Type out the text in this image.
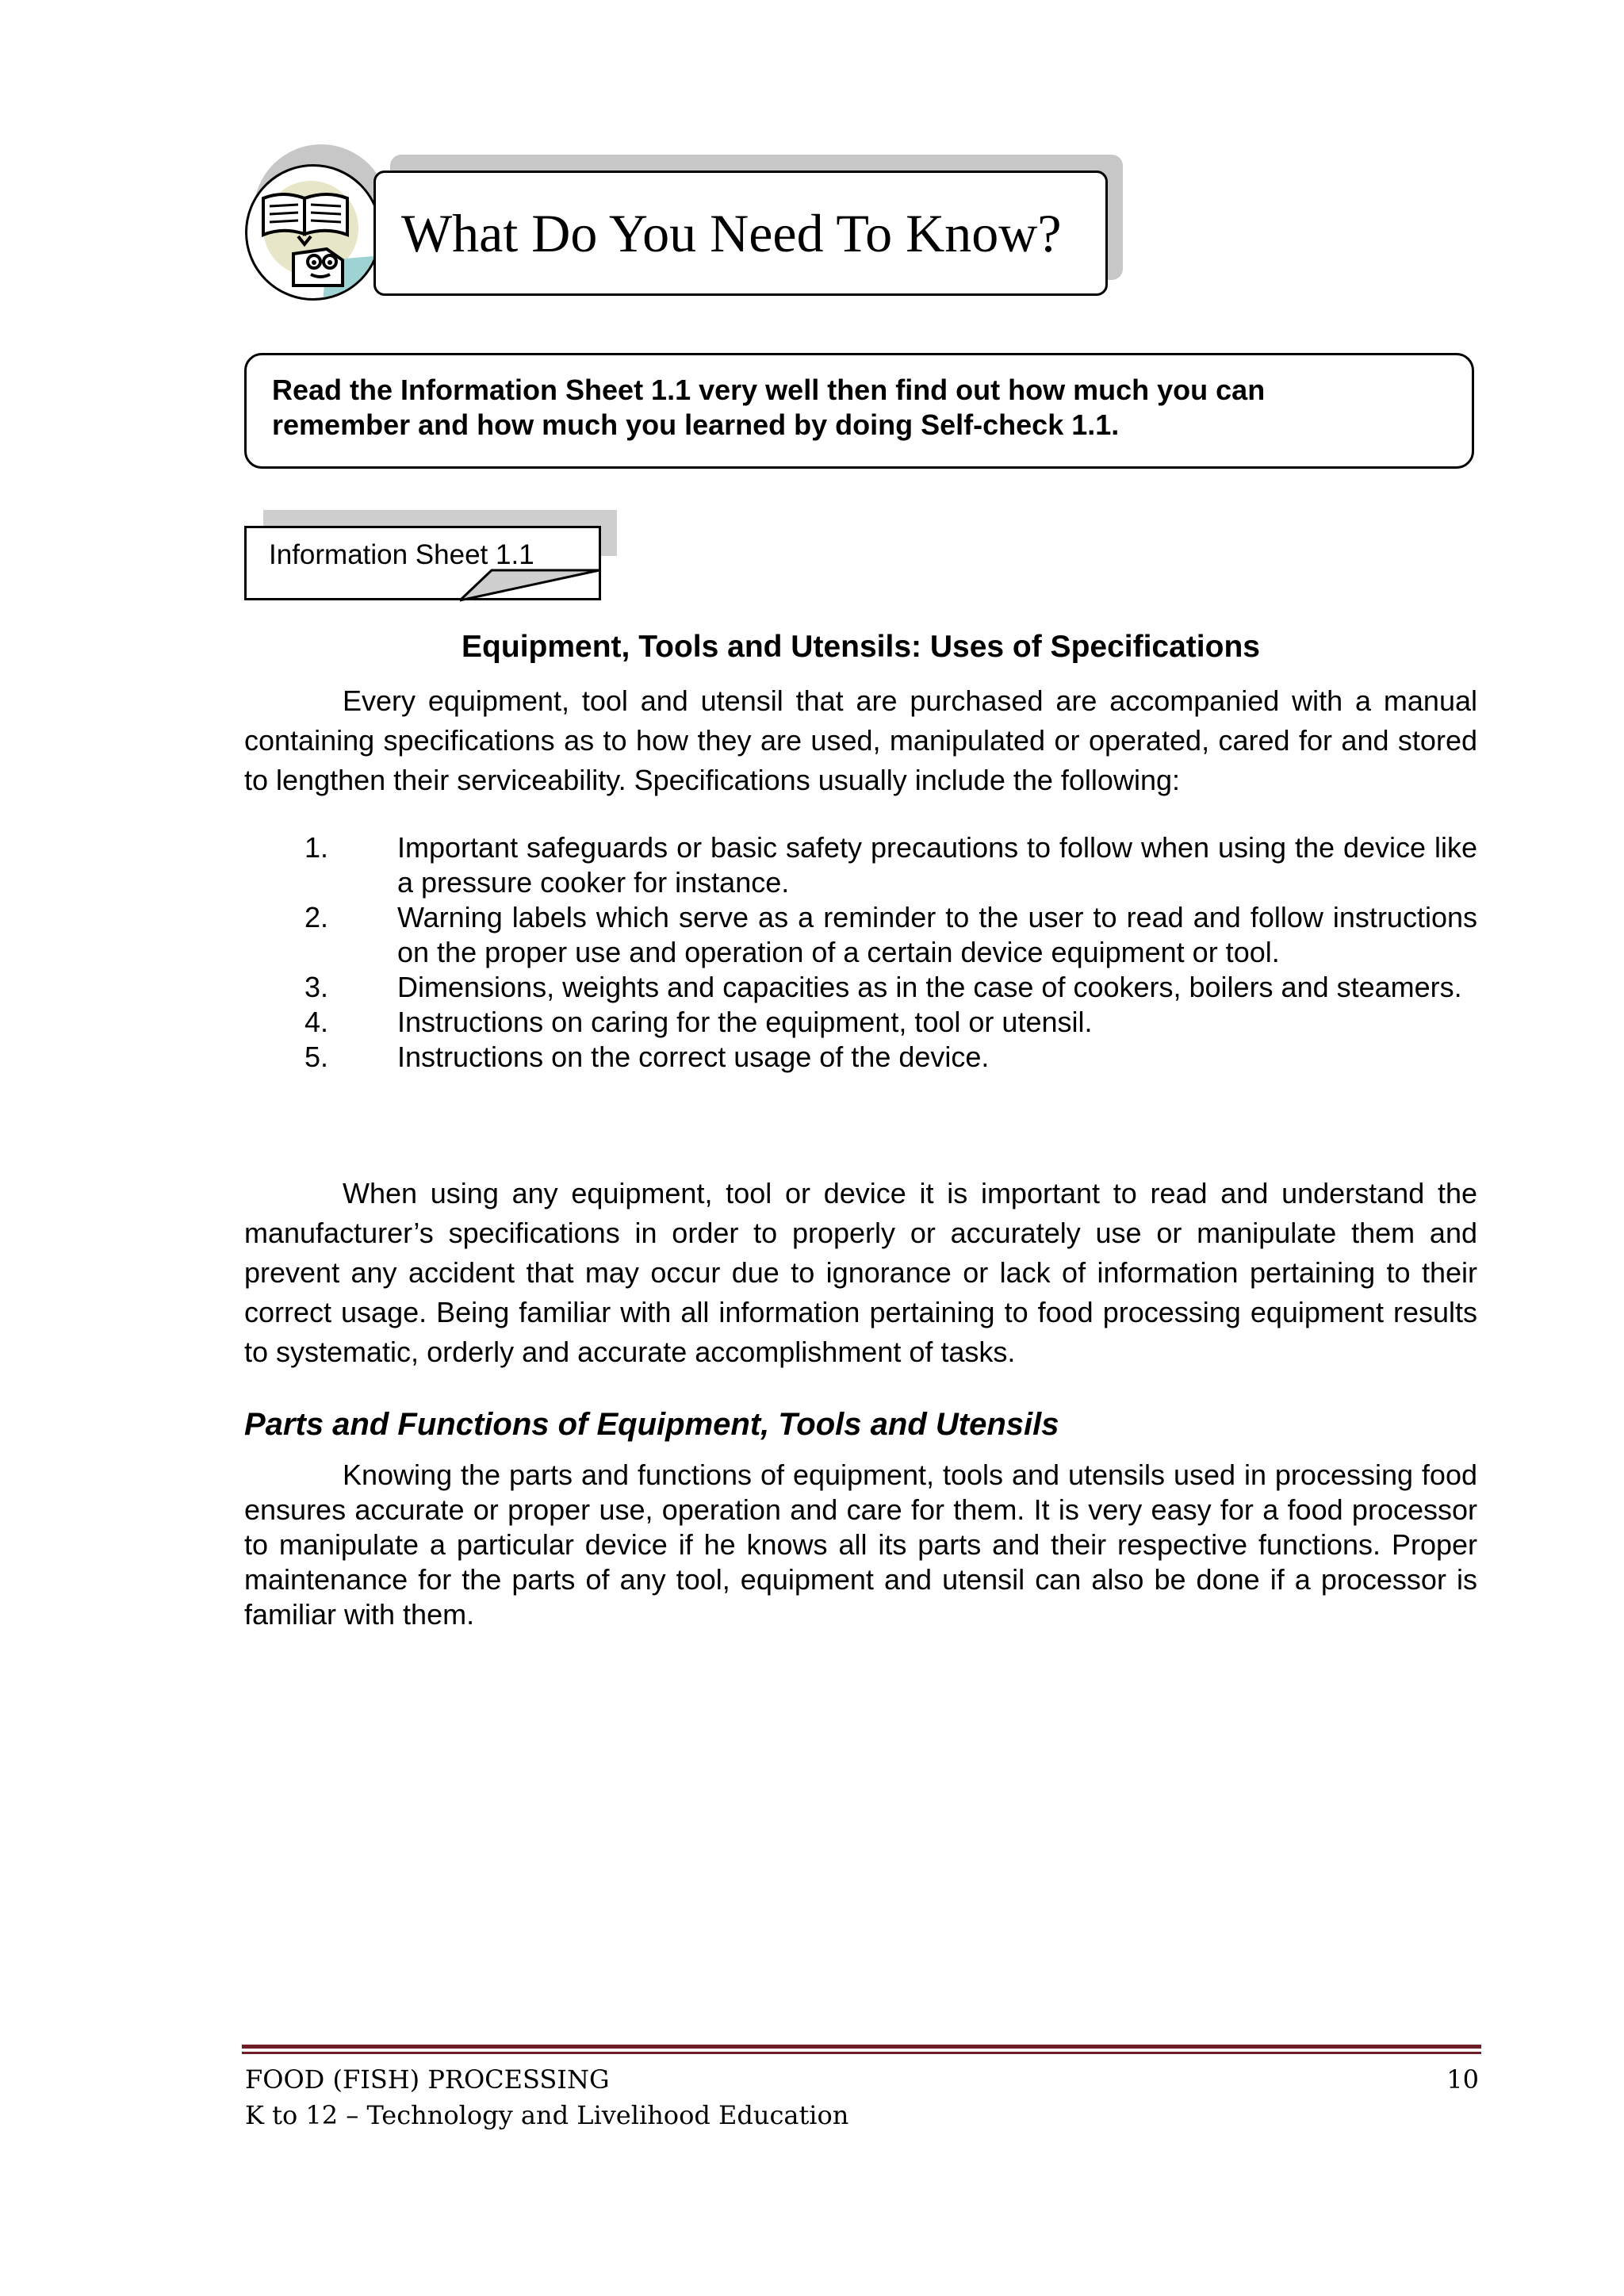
What Do You Need To Know?

Read the Information Sheet 1.1 very well then find out how much you can
remember and how much you learned by doing Self-check 1.1.

Information Sheet 1.1
Equipment, Tools and Utensils: Uses of Specifications

Every equipment, tool and utensil that are purchased are accompanied with a manual containing specifications as to how they are used, manipulated or operated, cared for and stored to lengthen their serviceability. Specifications usually include the following:

1. Important safeguards or basic safety precautions to follow when using the device like a pressure cooker for instance.
2. Warning labels which serve as a reminder to the user to read and follow instructions on the proper use and operation of a certain device equipment or tool.
3. Dimensions, weights and capacities as in the case of cookers, boilers and steamers.
4. Instructions on caring for the equipment, tool or utensil.
5. Instructions on the correct usage of the device.

When using any equipment, tool or device it is important to read and understand the manufacturer’s specifications in order to properly or accurately use or manipulate them and prevent any accident that may occur due to ignorance or lack of information pertaining to their correct usage. Being familiar with all information pertaining to food processing equipment results to systematic, orderly and accurate accomplishment of tasks.

Parts and Functions of Equipment, Tools and Utensils

Knowing the parts and functions of equipment, tools and utensils used in processing food ensures accurate or proper use, operation and care for them. It is very easy for a food processor to manipulate a particular device if he knows all its parts and their respective functions. Proper maintenance for the parts of any tool, equipment and utensil can also be done if a processor is familiar with them.

FOOD (FISH) PROCESSING
K to 12 – Technology and Livelihood Education
10
